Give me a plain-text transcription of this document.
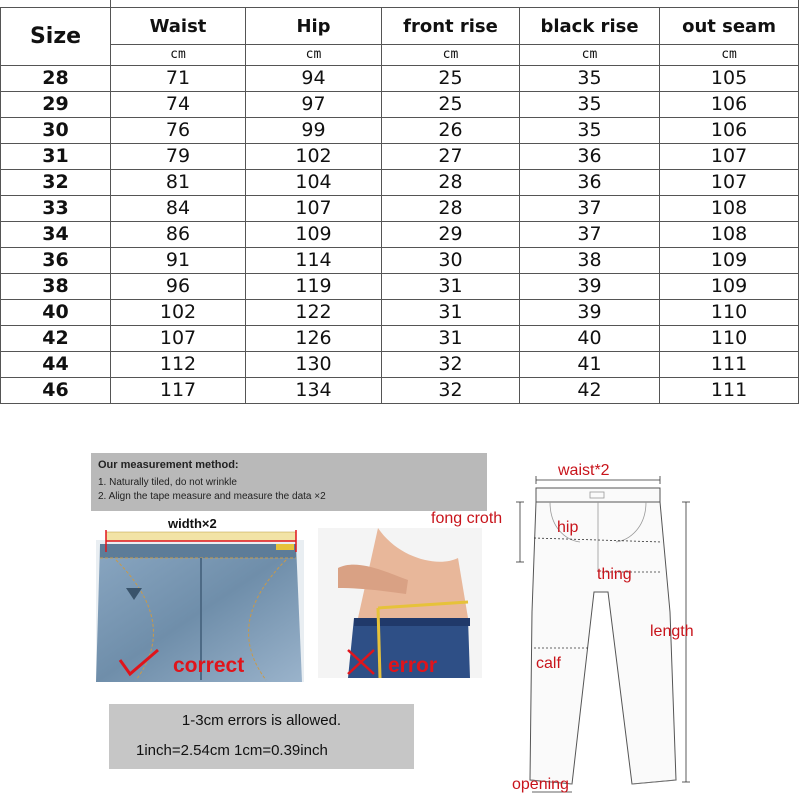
Size	Waist	Hip	front rise	black rise	out seam
	cm	cm	cm	cm	cm
28	71	94	25	35	105
29	74	97	25	35	106
30	76	99	26	35	106
31	79	102	27	36	107
32	81	104	28	36	107
33	84	107	28	37	108
34	86	109	29	37	108
36	91	114	30	38	109
38	96	119	31	39	109
40	102	122	31	39	110
42	107	126	31	40	110
44	112	130	32	41	111
46	117	134	32	42	111
Our measurement method:
1. Naturally tiled, do not wrinkle
2. Align the tape measure and measure the data ×2
width×2
correct	error
1-3cm errors is allowed.
1inch=2.54cm 1cm=0.39inch
waist*2
fong croth
hip
thing
length
calf
opening
